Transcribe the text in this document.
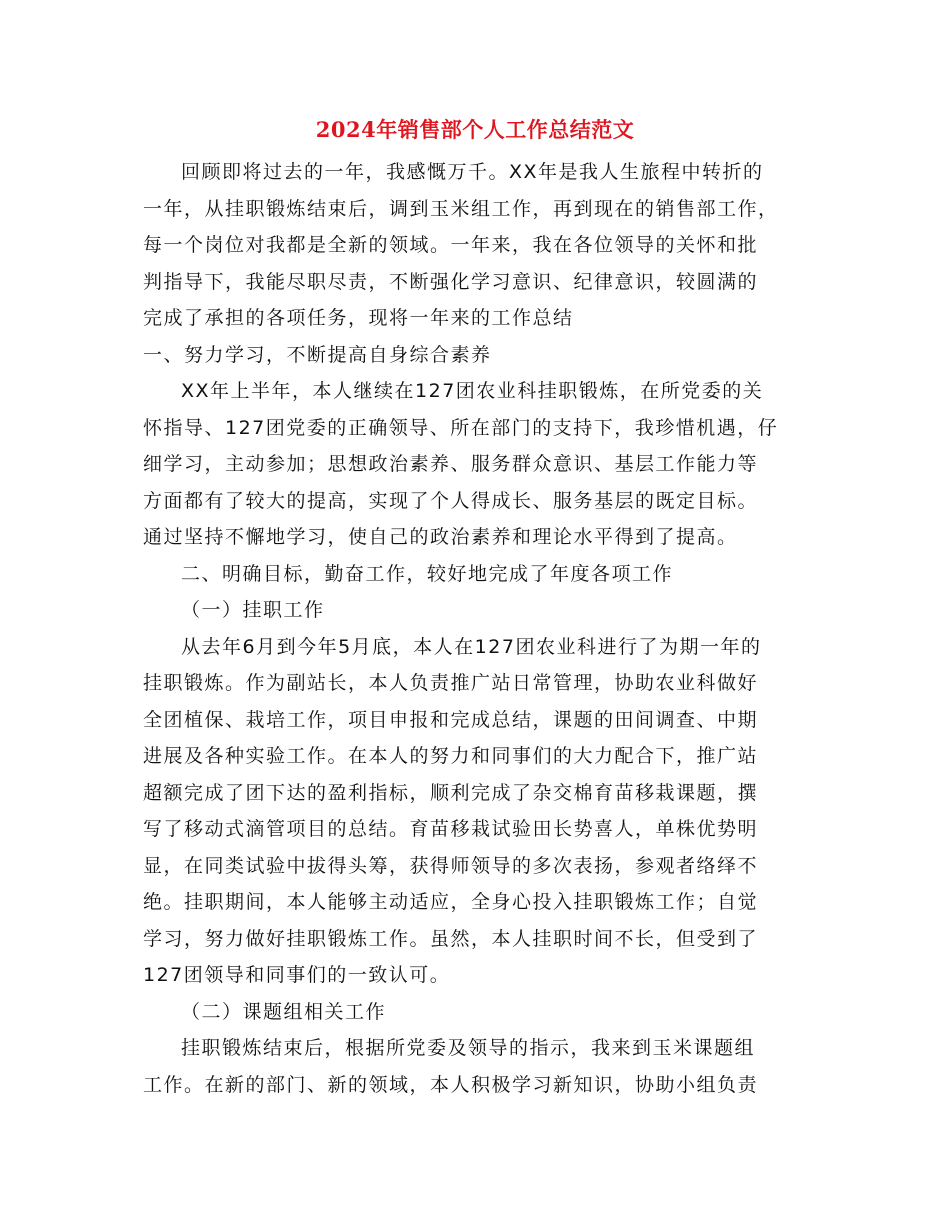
2024年销售部个人工作总结范文
回顾即将过去的一年，我感慨万千。XX年是我人生旅程中转折的
一年，从挂职锻炼结束后，调到玉米组工作，再到现在的销售部工作，
每一个岗位对我都是全新的领域。一年来，我在各位领导的关怀和批
判指导下，我能尽职尽责，不断强化学习意识、纪律意识，较圆满的
完成了承担的各项任务，现将一年来的工作总结
一、努力学习，不断提高自身综合素养
XX年上半年，本人继续在127团农业科挂职锻炼，在所党委的关
怀指导、127团党委的正确领导、所在部门的支持下，我珍惜机遇，仔
细学习，主动参加；思想政治素养、服务群众意识、基层工作能力等
方面都有了较大的提高，实现了个人得成长、服务基层的既定目标。
通过坚持不懈地学习，使自己的政治素养和理论水平得到了提高。
二、明确目标，勤奋工作，较好地完成了年度各项工作
（一）挂职工作
从去年6月到今年5月底，本人在127团农业科进行了为期一年的
挂职锻炼。作为副站长，本人负责推广站日常管理，协助农业科做好
全团植保、栽培工作，项目申报和完成总结，课题的田间调查、中期
进展及各种实验工作。在本人的努力和同事们的大力配合下，推广站
超额完成了团下达的盈利指标，顺利完成了杂交棉育苗移栽课题，撰
写了移动式滴管项目的总结。育苗移栽试验田长势喜人，单株优势明
显，在同类试验中拔得头筹，获得师领导的多次表扬，参观者络绎不
绝。挂职期间，本人能够主动适应，全身心投入挂职锻炼工作；自觉
学习，努力做好挂职锻炼工作。虽然，本人挂职时间不长，但受到了
127团领导和同事们的一致认可。
（二）课题组相关工作
挂职锻炼结束后，根据所党委及领导的指示，我来到玉米课题组
工作。在新的部门、新的领域，本人积极学习新知识，协助小组负责
